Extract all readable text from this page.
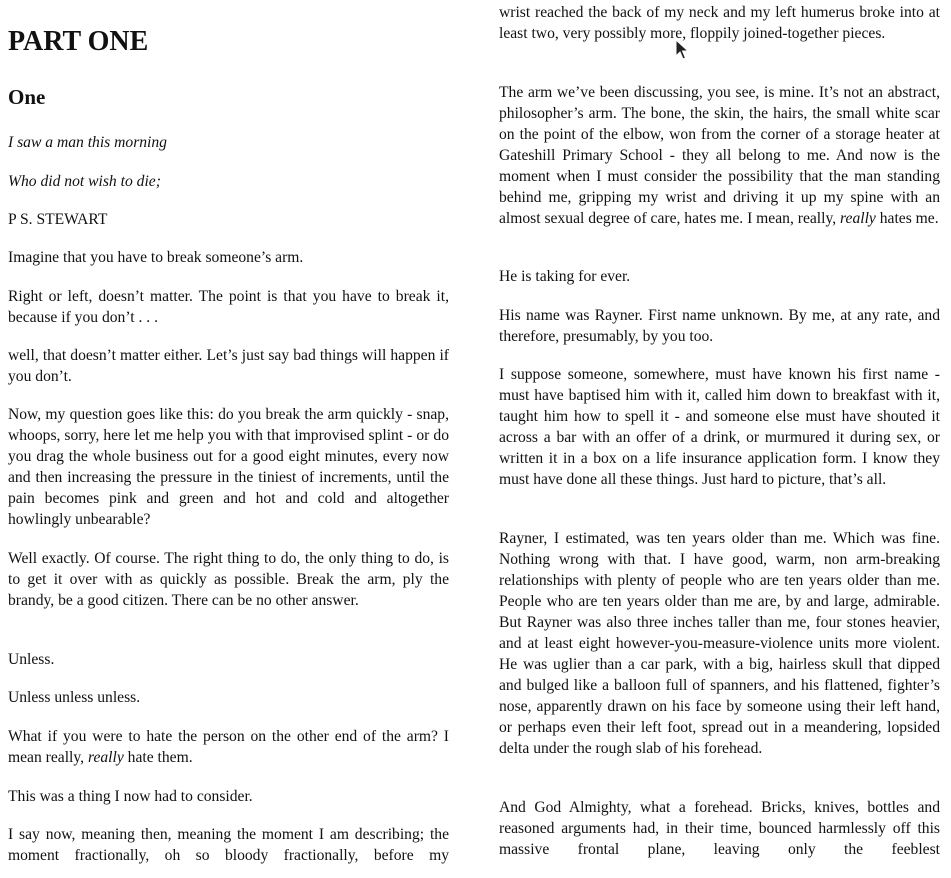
PART ONE
One

I saw a man this morning

Who did not wish to die;

P S. STEWART

Imagine that you have to break someone’s arm.

Right or left, doesn’t matter. The point is that you have to break it, because if you don’t . . .

well, that doesn’t matter either. Let’s just say bad things will happen if you don’t.

Now, my question goes like this: do you break the arm quickly - snap, whoops, sorry, here let me help you with that improvised splint - or do you drag the whole business out for a good eight minutes, every now and then increasing the pressure in the tiniest of increments, until the pain becomes pink and green and hot and cold and altogether howlingly unbearable?

Well exactly. Of course. The right thing to do, the only thing to do, is to get it over with as quickly as possible. Break the arm, ply the brandy, be a good citizen. There can be no other answer.

Unless.

Unless unless unless.

What if you were to hate the person on the other end of the arm? I mean really, really hate them.

This was a thing I now had to consider.

I say now, meaning then, meaning the moment I am describing; the moment fractionally, oh so bloody fractionally, before my

wrist reached the back of my neck and my left humerus broke into at least two, very possibly more, floppily joined-together pieces.

The arm we’ve been discussing, you see, is mine. It’s not an abstract, philosopher’s arm. The bone, the skin, the hairs, the small white scar on the point of the elbow, won from the corner of a storage heater at Gateshill Primary School - they all belong to me. And now is the moment when I must consider the possibility that the man standing behind me, gripping my wrist and driving it up my spine with an almost sexual degree of care, hates me. I mean, really, really hates me.

He is taking for ever.

His name was Rayner. First name unknown. By me, at any rate, and therefore, presumably, by you too.

I suppose someone, somewhere, must have known his first name - must have baptised him with it, called him down to breakfast with it, taught him how to spell it - and someone else must have shouted it across a bar with an offer of a drink, or murmured it during sex, or written it in a box on a life insurance application form. I know they must have done all these things. Just hard to picture, that’s all.

Rayner, I estimated, was ten years older than me. Which was fine. Nothing wrong with that. I have good, warm, non arm-breaking relationships with plenty of people who are ten years older than me. People who are ten years older than me are, by and large, admirable. But Rayner was also three inches taller than me, four stones heavier, and at least eight however-you-measure-violence units more violent. He was uglier than a car park, with a big, hairless skull that dipped and bulged like a balloon full of spanners, and his flattened, fighter’s nose, apparently drawn on his face by someone using their left hand, or perhaps even their left foot, spread out in a meandering, lopsided delta under the rough slab of his forehead.

And God Almighty, what a forehead. Bricks, knives, bottles and reasoned arguments had, in their time, bounced harmlessly off this massive frontal plane, leaving only the feeblest
